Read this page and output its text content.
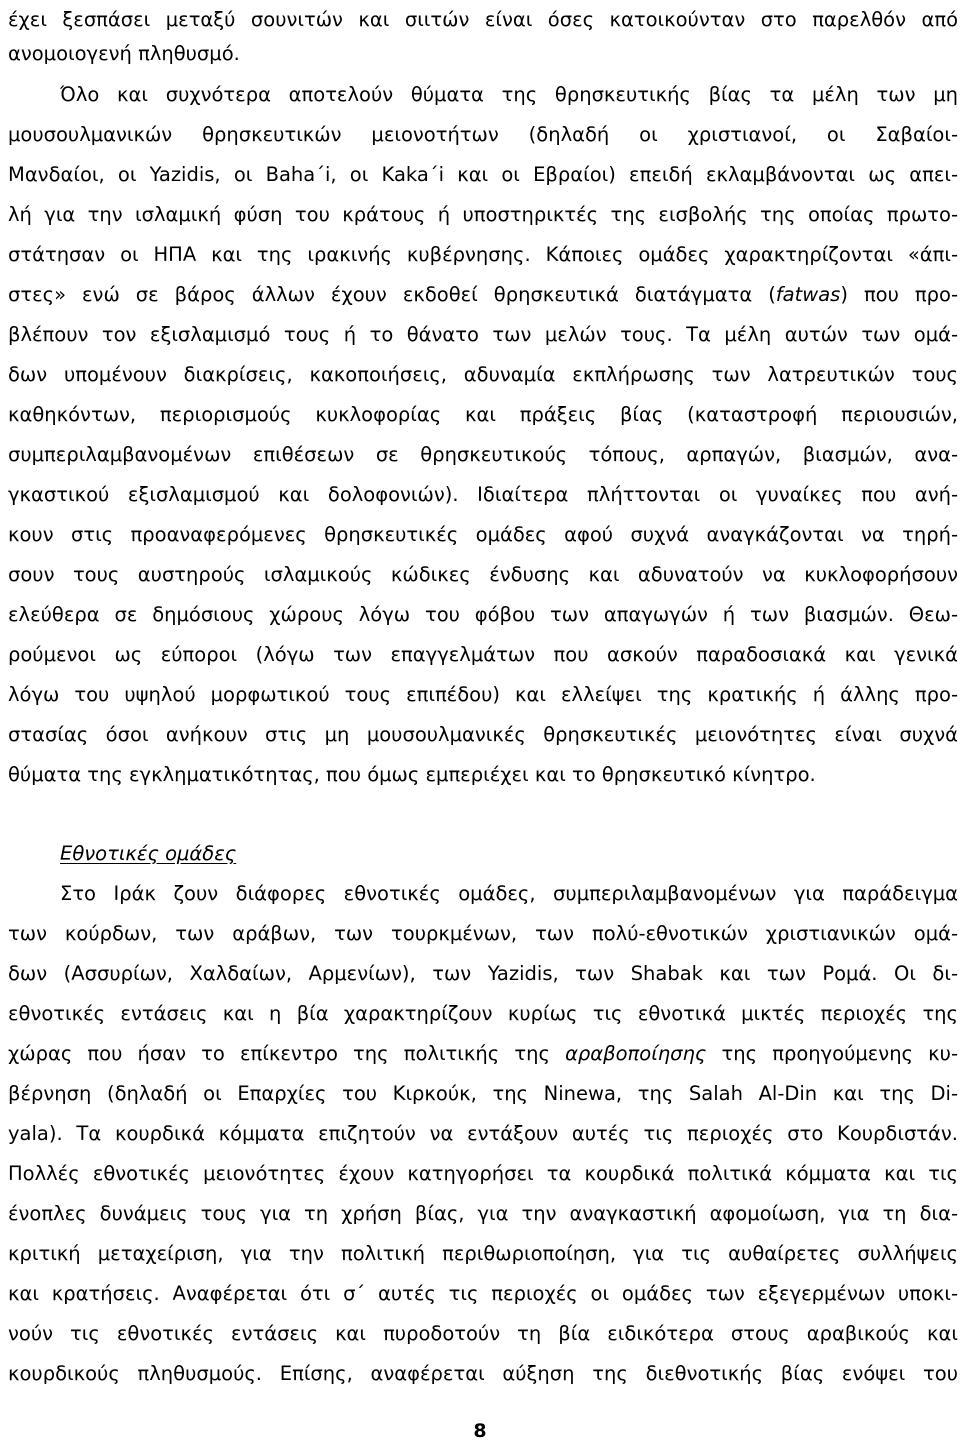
έχει ξεσπάσει μεταξύ σουνιτών και σιιτών είναι όσες κατοικούνταν στο παρελθόν από
ανομοιογενή πληθυσμό.
Όλο και συχνότερα αποτελούν θύματα της θρησκευτικής βίας τα μέλη των μη
μουσουλμανικών θρησκευτικών μειονοτήτων (δηλαδή οι χριστιανοί, οι Σαβαίοι-
Μανδαίοι, οι Yazidis, οι Baha΄i, οι Kaka΄i και οι Εβραίοι) επειδή εκλαμβάνονται ως απει-
λή για την ισλαμική φύση του κράτους ή υποστηρικτές της εισβολής της οποίας πρωτο-
στάτησαν οι ΗΠΑ και της ιρακινής κυβέρνησης. Κάποιες ομάδες χαρακτηρίζονται «άπι-
στες» ενώ σε βάρος άλλων έχουν εκδοθεί θρησκευτικά διατάγματα (fatwas) που προ-
βλέπουν τον εξισλαμισμό τους ή το θάνατο των μελών τους. Τα μέλη αυτών των ομά-
δων υπομένουν διακρίσεις, κακοποιήσεις, αδυναμία εκπλήρωσης των λατρευτικών τους
καθηκόντων, περιορισμούς κυκλοφορίας και πράξεις βίας (καταστροφή περιουσιών,
συμπεριλαμβανομένων επιθέσεων σε θρησκευτικούς τόπους, αρπαγών, βιασμών, ανα-
γκαστικού εξισλαμισμού και δολοφονιών). Ιδιαίτερα πλήττονται οι γυναίκες που ανή-
κουν στις προαναφερόμενες θρησκευτικές ομάδες αφού συχνά αναγκάζονται να τηρή-
σουν τους αυστηρούς ισλαμικούς κώδικες ένδυσης και αδυνατούν να κυκλοφορήσουν
ελεύθερα σε δημόσιους χώρους λόγω του φόβου των απαγωγών ή των βιασμών. Θεω-
ρούμενοι ως εύποροι (λόγω των επαγγελμάτων που ασκούν παραδοσιακά και γενικά
λόγω του υψηλού μορφωτικού τους επιπέδου) και ελλείψει της κρατικής ή άλλης προ-
στασίας όσοι ανήκουν στις μη μουσουλμανικές θρησκευτικές μειονότητες είναι συχνά
θύματα της εγκληματικότητας, που όμως εμπεριέχει και το θρησκευτικό κίνητρο.
Εθνοτικές ομάδες
Στο Ιράκ ζουν διάφορες εθνοτικές ομάδες, συμπεριλαμβανομένων για παράδειγμα
των κούρδων, των αράβων, των τουρκμένων, των πολύ-εθνοτικών χριστιανικών ομά-
δων (Ασσυρίων, Χαλδαίων, Αρμενίων), των Yazidis, των Shabak και των Ρομά. Οι δι-
εθνοτικές εντάσεις και η βία χαρακτηρίζουν κυρίως τις εθνοτικά μικτές περιοχές της
χώρας που ήσαν το επίκεντρο της πολιτικής της αραβοποίησης της προηγούμενης κυ-
βέρνηση (δηλαδή οι Επαρχίες του Κιρκούκ, της Ninewa, της Salah Al-Din και της Di-
yala). Τα κουρδικά κόμματα επιζητούν να εντάξουν αυτές τις περιοχές στο Κουρδιστάν.
Πολλές εθνοτικές μειονότητες έχουν κατηγορήσει τα κουρδικά πολιτικά κόμματα και τις
ένοπλες δυνάμεις τους για τη χρήση βίας, για την αναγκαστική αφομοίωση, για τη δια-
κριτική μεταχείριση, για την πολιτική περιθωριοποίηση, για τις αυθαίρετες συλλήψεις
και κρατήσεις. Αναφέρεται ότι σ΄ αυτές τις περιοχές οι ομάδες των εξεγερμένων υποκι-
νούν τις εθνοτικές εντάσεις και πυροδοτούν τη βία ειδικότερα στους αραβικούς και
κουρδικούς πληθυσμούς. Επίσης, αναφέρεται αύξηση της διεθνοτικής βίας ενόψει του
8
